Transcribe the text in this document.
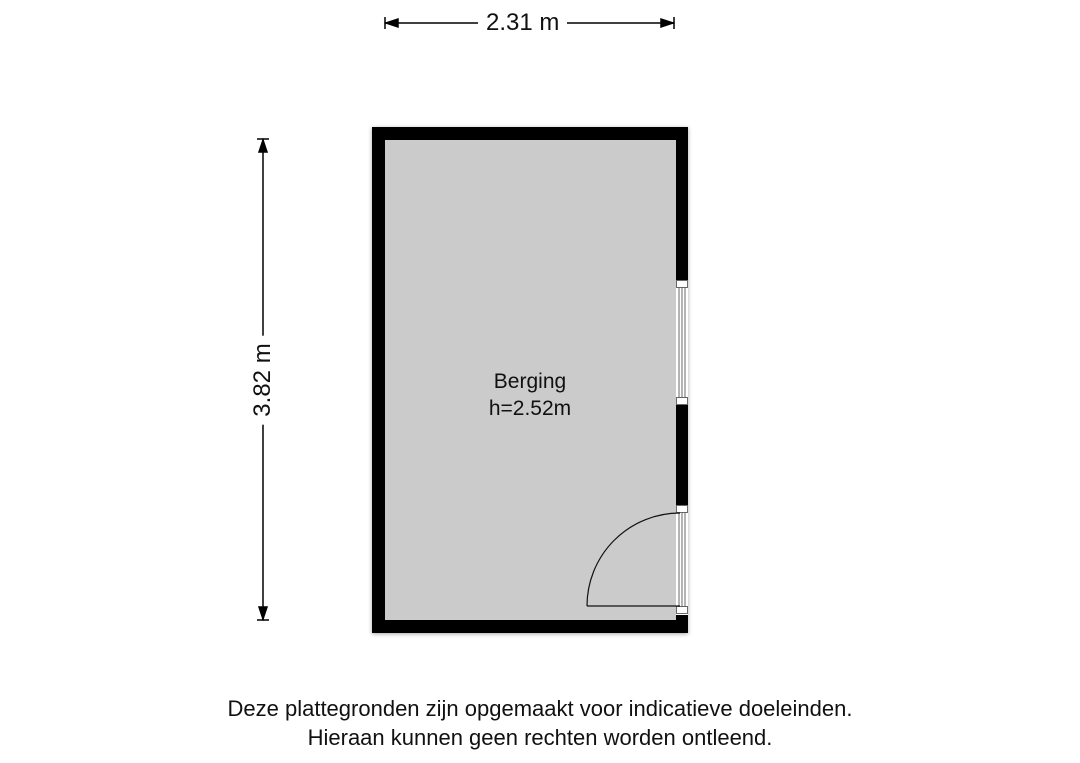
2.31 m
3.82 m	Berging
h=2.52m
Deze plattegronden zijn opgemaakt voor indicatieve doeleinden.
Hieraan kunnen geen rechten worden ontleend.
